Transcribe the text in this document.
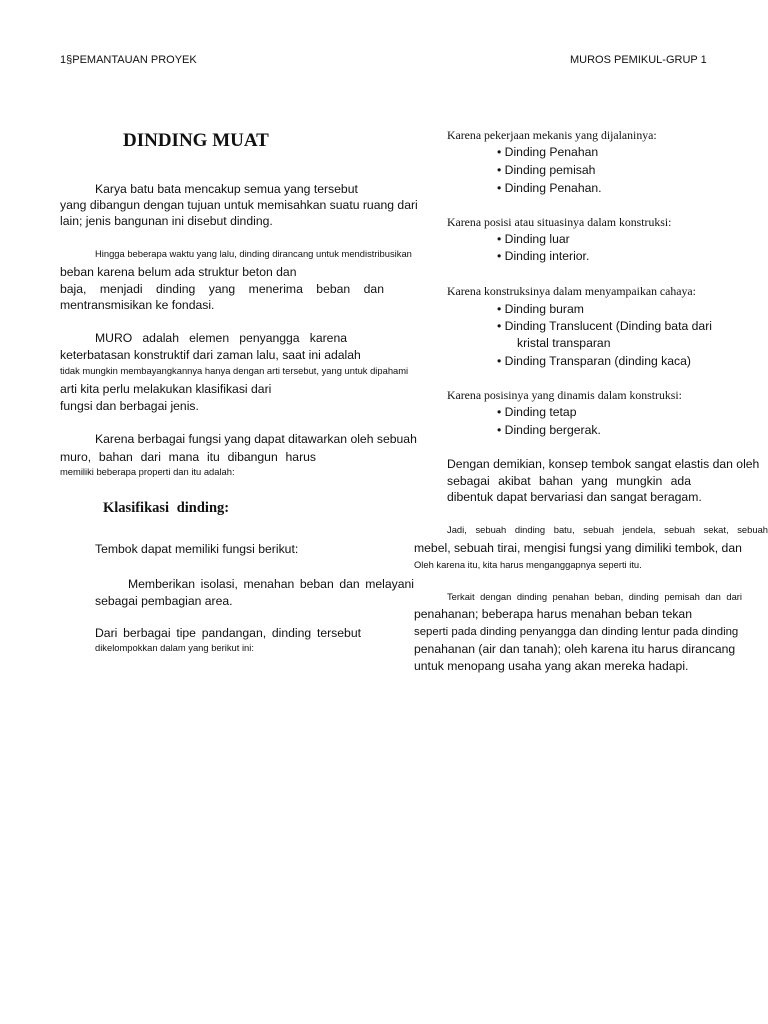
1§PEMANTAUAN PROYEK	MUROS PEMIKUL-GRUP 1
DINDING MUAT
Karya batu bata mencakup semua yang tersebut
yang dibangun dengan tujuan untuk memisahkan suatu ruang dari
lain; jenis bangunan ini disebut dinding.
Hingga beberapa waktu yang lalu, dinding dirancang untuk mendistribusikan
beban karena belum ada struktur beton dan
baja, menjadi dinding yang menerima beban dan
mentransmisikan ke fondasi.
MURO adalah elemen penyangga karena
keterbatasan konstruktif dari zaman lalu, saat ini adalah
tidak mungkin membayangkannya hanya dengan arti tersebut, yang untuk dipahami
arti kita perlu melakukan klasifikasi dari
fungsi dan berbagai jenis.
Karena berbagai fungsi yang dapat ditawarkan oleh sebuah
muro, bahan dari mana itu dibangun harus
memiliki beberapa properti dan itu adalah:
Klasifikasi dinding:
Tembok dapat memiliki fungsi berikut:
Memberikan isolasi, menahan beban dan melayani
sebagai pembagian area.
Dari berbagai tipe pandangan, dinding tersebut
dikelompokkan dalam yang berikut ini:
Karena pekerjaan mekanis yang dijalaninya:
• Dinding Penahan
• Dinding pemisah
• Dinding Penahan.
Karena posisi atau situasinya dalam konstruksi:
• Dinding luar
• Dinding interior.
Karena konstruksinya dalam menyampaikan cahaya:
• Dinding buram
• Dinding Translucent (Dinding bata dari
kristal transparan
• Dinding Transparan (dinding kaca)
Karena posisinya yang dinamis dalam konstruksi:
• Dinding tetap
• Dinding bergerak.
Dengan demikian, konsep tembok sangat elastis dan oleh
sebagai akibat bahan yang mungkin ada
dibentuk dapat bervariasi dan sangat beragam.
Jadi, sebuah dinding batu, sebuah jendela, sebuah sekat, sebuah
mebel, sebuah tirai, mengisi fungsi yang dimiliki tembok, dan
Oleh karena itu, kita harus menganggapnya seperti itu.
Terkait dengan dinding penahan beban, dinding pemisah dan dari
penahanan; beberapa harus menahan beban tekan
seperti pada dinding penyangga dan dinding lentur pada dinding
penahanan (air dan tanah); oleh karena itu harus dirancang
untuk menopang usaha yang akan mereka hadapi.
